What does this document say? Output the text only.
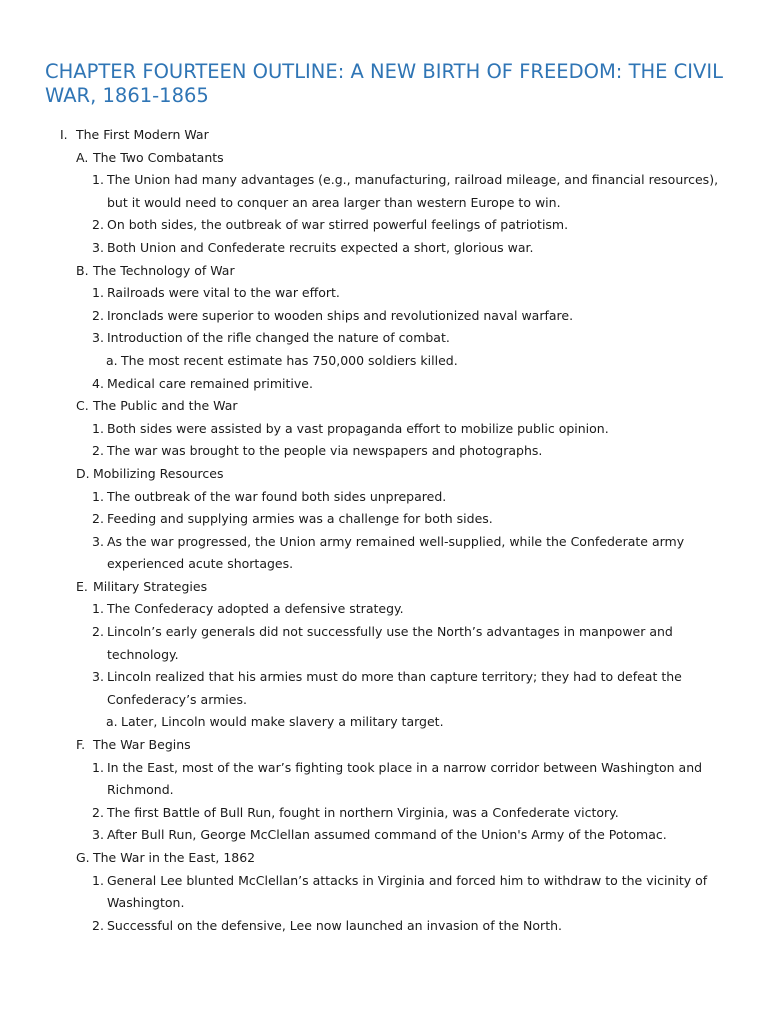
CHAPTER FOURTEEN OUTLINE: A NEW BIRTH OF FREEDOM: THE CIVIL WAR, 1861-1865
I. The First Modern War
A. The Two Combatants
1. The Union had many advantages (e.g., manufacturing, railroad mileage, and financial resources), but it would need to conquer an area larger than western Europe to win.
2. On both sides, the outbreak of war stirred powerful feelings of patriotism.
3. Both Union and Confederate recruits expected a short, glorious war.
B. The Technology of War
1. Railroads were vital to the war effort.
2. Ironclads were superior to wooden ships and revolutionized naval warfare.
3. Introduction of the rifle changed the nature of combat.
a. The most recent estimate has 750,000 soldiers killed.
4. Medical care remained primitive.
C. The Public and the War
1. Both sides were assisted by a vast propaganda effort to mobilize public opinion.
2. The war was brought to the people via newspapers and photographs.
D. Mobilizing Resources
1. The outbreak of the war found both sides unprepared.
2. Feeding and supplying armies was a challenge for both sides.
3. As the war progressed, the Union army remained well-supplied, while the Confederate army experienced acute shortages.
E. Military Strategies
1. The Confederacy adopted a defensive strategy.
2. Lincoln’s early generals did not successfully use the North’s advantages in manpower and technology.
3. Lincoln realized that his armies must do more than capture territory; they had to defeat the Confederacy’s armies.
a. Later, Lincoln would make slavery a military target.
F. The War Begins
1. In the East, most of the war’s fighting took place in a narrow corridor between Washington and Richmond.
2. The first Battle of Bull Run, fought in northern Virginia, was a Confederate victory.
3. After Bull Run, George McClellan assumed command of the Union's Army of the Potomac.
G. The War in the East, 1862
1. General Lee blunted McClellan’s attacks in Virginia and forced him to withdraw to the vicinity of Washington.
2. Successful on the defensive, Lee now launched an invasion of the North.
